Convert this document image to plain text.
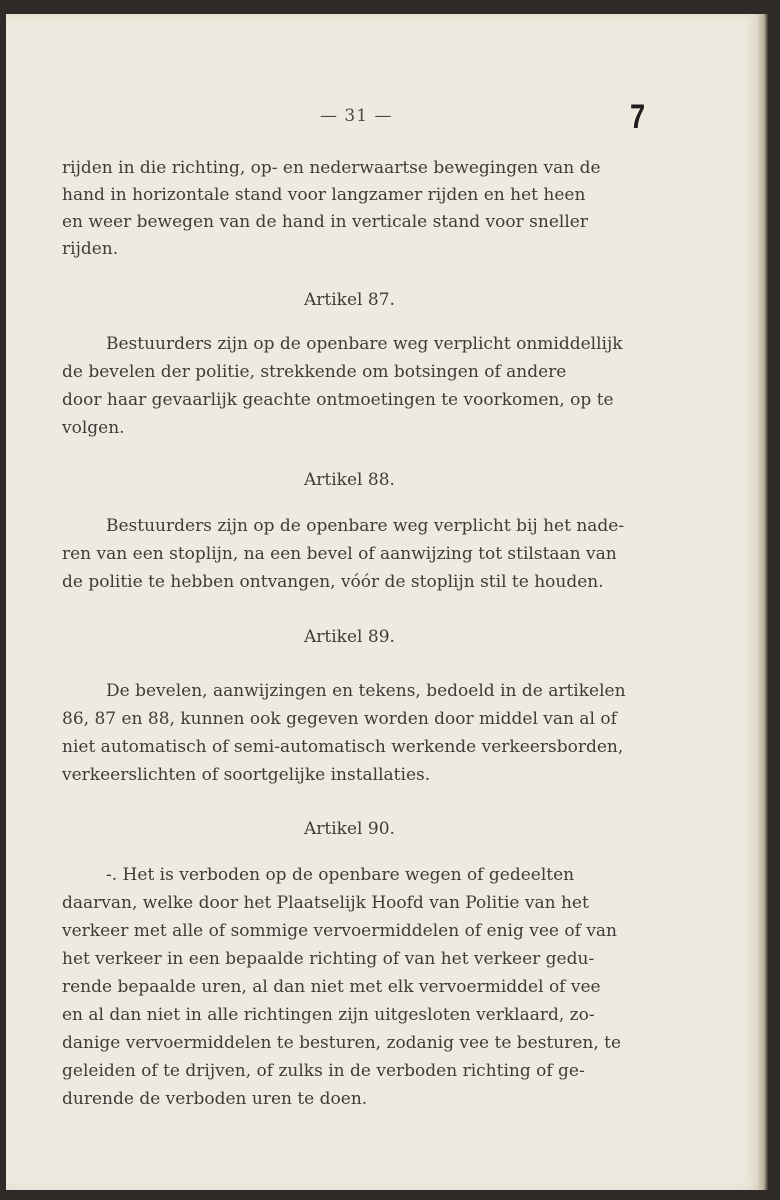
— 31 —	7
rijden in die richting, op- en nederwaartse bewegingen van de
hand in horizontale stand voor langzamer rijden en het heen
en weer bewegen van de hand in verticale stand voor sneller
rijden.
Artikel 87.
Bestuurders zijn op de openbare weg verplicht onmiddellijk
de bevelen der politie, strekkende om botsingen of andere
door haar gevaarlijk geachte ontmoetingen te voorkomen, op te
volgen.
Artikel 88.
Bestuurders zijn op de openbare weg verplicht bij het nade-
ren van een stoplijn, na een bevel of aanwijzing tot stilstaan van
de politie te hebben ontvangen, vóór de stoplijn stil te houden.
Artikel 89.
De bevelen, aanwijzingen en tekens, bedoeld in de artikelen
86, 87 en 88, kunnen ook gegeven worden door middel van al of
niet automatisch of semi-automatisch werkende verkeersborden,
verkeerslichten of soortgelijke installaties.
Artikel 90.
-. Het is verboden op de openbare wegen of gedeelten
daarvan, welke door het Plaatselijk Hoofd van Politie van het
verkeer met alle of sommige vervoermiddelen of enig vee of van
het verkeer in een bepaalde richting of van het verkeer gedu-
rende bepaalde uren, al dan niet met elk vervoermiddel of vee
en al dan niet in alle richtingen zijn uitgesloten verklaard, zo-
danige vervoermiddelen te besturen, zodanig vee te besturen, te
geleiden of te drijven, of zulks in de verboden richting of ge-
durende de verboden uren te doen.
